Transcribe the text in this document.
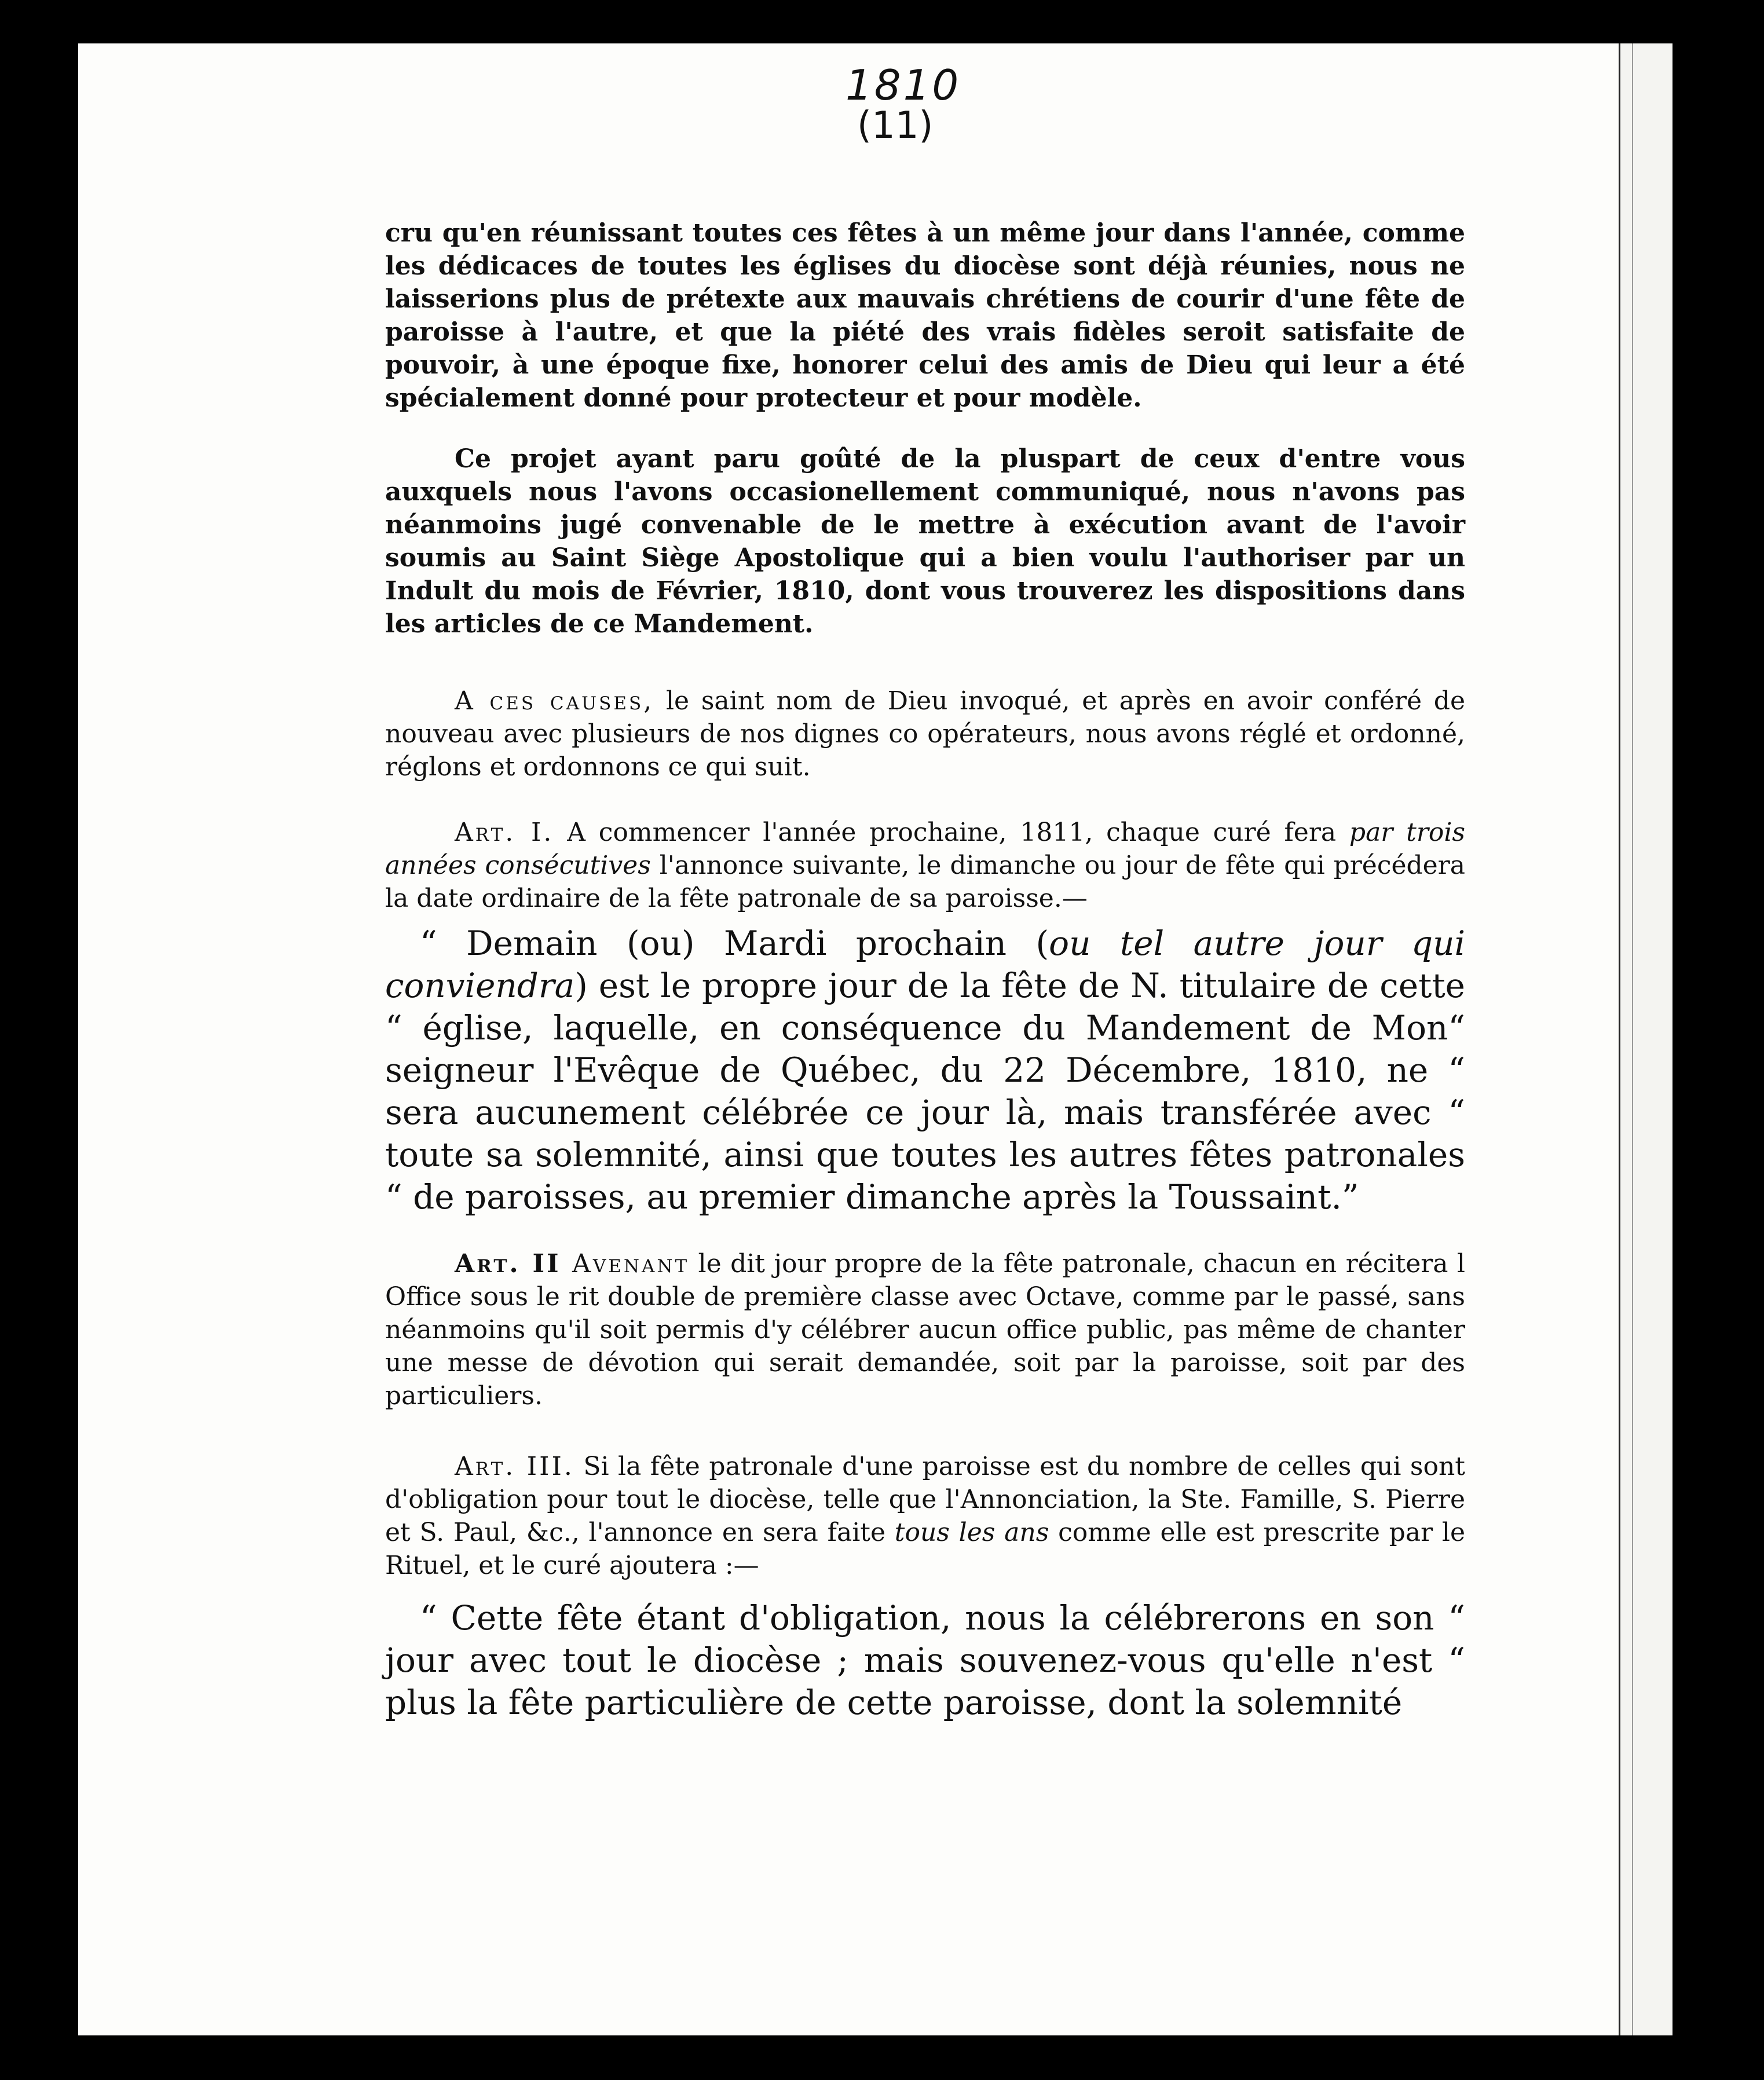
1810
(11)

cru qu'en réunissant toutes ces fêtes à un même jour dans l'année, comme les dédicaces de toutes les églises du diocèse sont déjà réunies, nous ne laisserions plus de prétexte aux mauvais chrétiens de courir d'une fête de paroisse à l'autre, et que la piété des vrais fidèles seroit satisfaite de pouvoir, à une époque fixe, honorer celui des amis de Dieu qui leur a été spécialement donné pour protecteur et pour modèle.

Ce projet ayant paru goûté de la pluspart de ceux d'entre vous auxquels nous l'avons occasionellement communiqué, nous n'avons pas néanmoins jugé convenable de le mettre à exécution avant de l'avoir soumis au Saint Siège Apostolique qui a bien voulu l'authoriser par un Indult du mois de Février, 1810, dont vous trouverez les dispositions dans les articles de ce Mandement.

A ces causes, le saint nom de Dieu invoqué, et après en avoir conféré de nouveau avec plusieurs de nos dignes co opérateurs, nous avons réglé et ordonné, réglons et ordonnons ce qui suit.

Art. I. A commencer l'année prochaine, 1811, chaque curé fera par trois années consécutives l'annonce suivante, le dimanche ou jour de fête qui précédera la date ordinaire de la fête patronale de sa paroisse.—

“ Demain (ou) Mardi prochain (ou tel autre jour qui conviendra) est le propre jour de la fête de N. titulaire de cette “ église, laquelle, en conséquence du Mandement de Mon“ seigneur l'Evêque de Québec, du 22 Décembre, 1810, ne “ sera aucunement célébrée ce jour là, mais transférée avec “ toute sa solemnité, ainsi que toutes les autres fêtes patronales “ de paroisses, au premier dimanche après la Toussaint.”

Art. II Avenant le dit jour propre de la fête patronale, chacun en récitera l Office sous le rit double de première classe avec Octave, comme par le passé, sans néanmoins qu'il soit permis d'y célébrer aucun office public, pas même de chanter une messe de dévotion qui serait demandée, soit par la paroisse, soit par des particuliers.

Art. III. Si la fête patronale d'une paroisse est du nombre de celles qui sont d'obligation pour tout le diocèse, telle que l'Annonciation, la Ste. Famille, S. Pierre et S. Paul, &c., l'annonce en sera faite tous les ans comme elle est prescrite par le Rituel, et le curé ajoutera :—

“ Cette fête étant d'obligation, nous la célébrerons en son “ jour avec tout le diocèse ; mais souvenez-vous qu'elle n'est “ plus la fête particulière de cette paroisse, dont la solemnité
